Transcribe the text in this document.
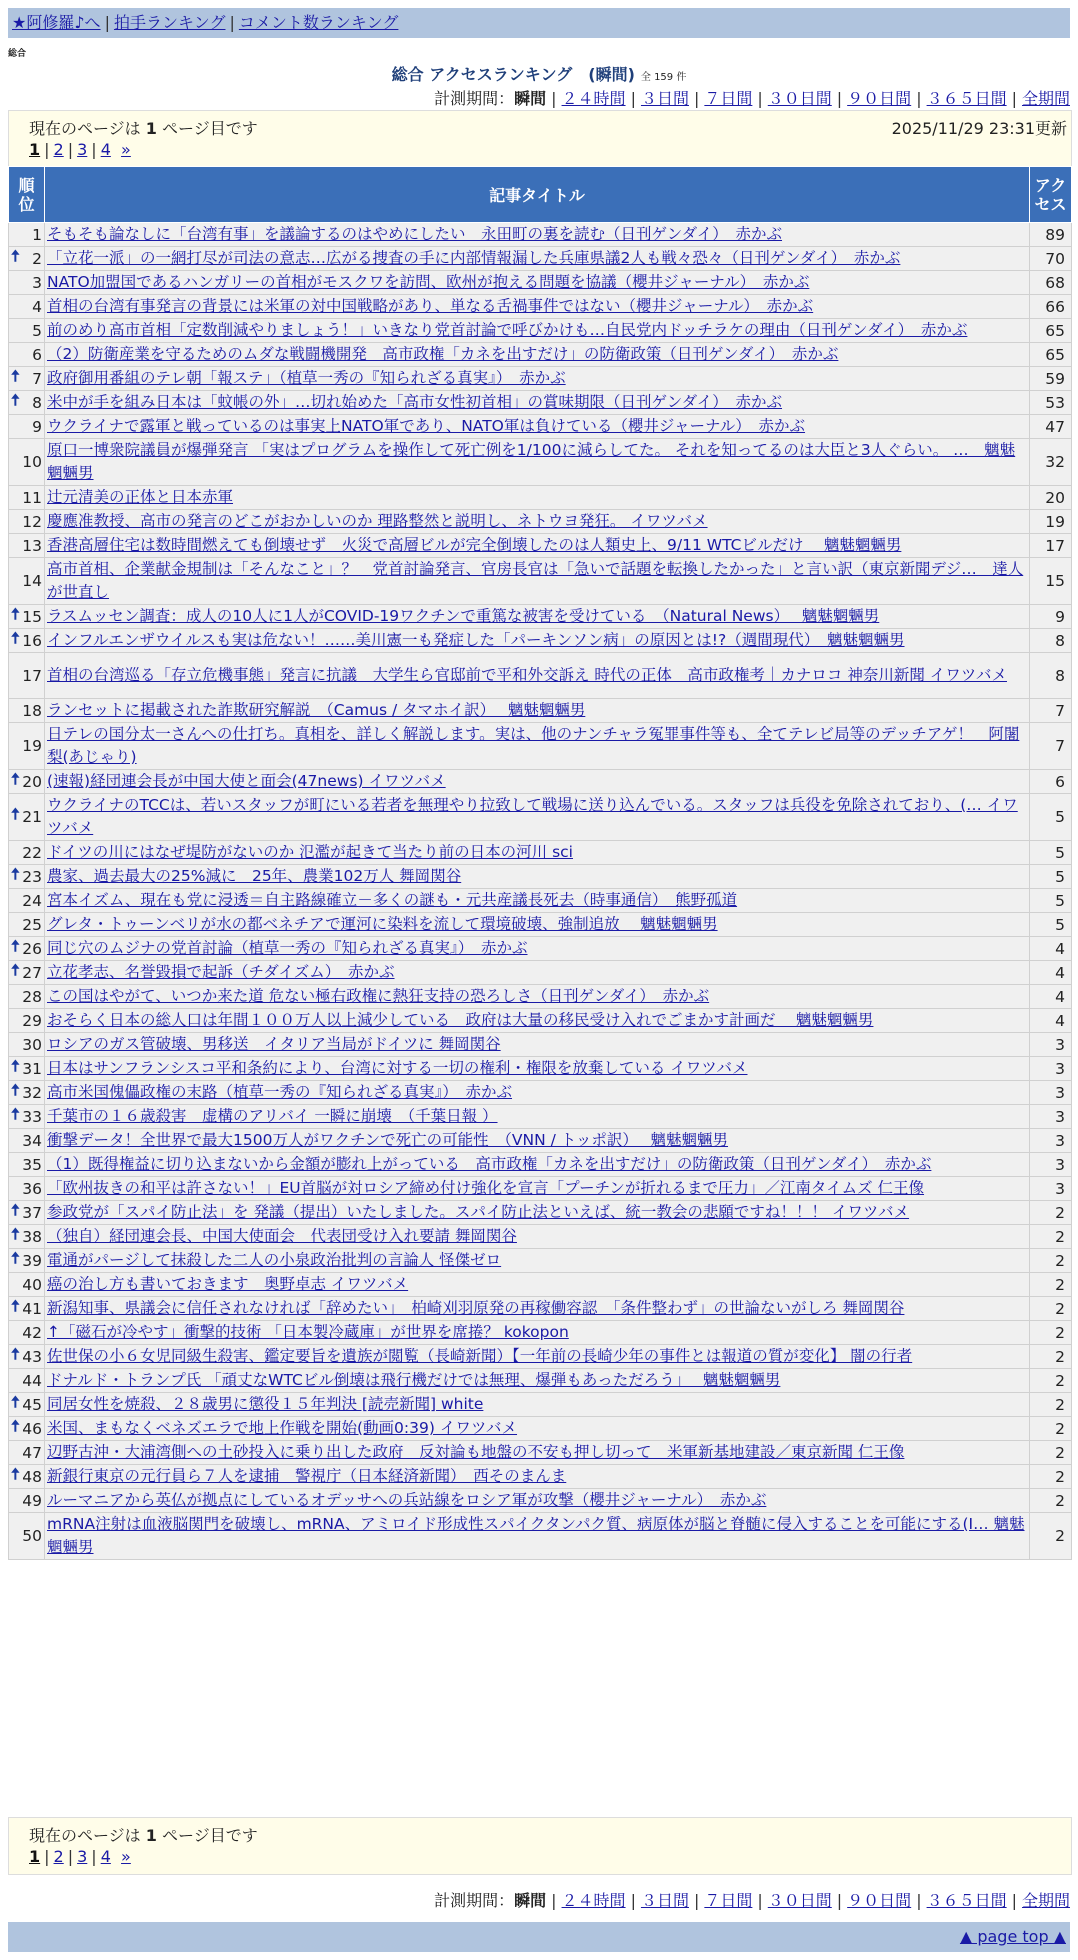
★阿修羅♪へ | 拍手ランキング | コメント数ランキング
総合
総合 アクセスランキング　(瞬間) 全 159 件
計測期間：瞬間 | ２４時間 | ３日間 | ７日間 | ３０日間 | ９０日間 | ３６５日間 | 全期間
現在のページは 1 ページ目です	2025/11/29 23:31更新
1 | 2 | 3 | 4 »
順位	記事タイトル	アクセス
1	そもそも論なしに「台湾有事」を議論するのはやめにしたい　永田町の裏を読む（日刊ゲンダイ）　赤かぶ	89

🠅 2	「立花一派」の一網打尽が司法の意志…広がる捜査の手に内部情報漏した兵庫県議2人も戦々恐々（日刊ゲンダイ）　赤かぶ	70
3	NATO加盟国であるハンガリーの首相がモスクワを訪問、欧州が抱える問題を協議（櫻井ジャーナル）　赤かぶ	68
4	首相の台湾有事発言の背景には米軍の対中国戦略があり、単なる舌禍事件ではない（櫻井ジャーナル）　赤かぶ	66
5	前のめり高市首相「定数削減やりましょう！」いきなり党首討論で呼びかけも…自民党内ドッチラケの理由（日刊ゲンダイ）　赤かぶ	65
6	（2）防衛産業を守るためのムダな戦闘機開発　高市政権「カネを出すだけ」の防衛政策（日刊ゲンダイ）　赤かぶ	65

🠅 7	政府御用番組のテレ朝「報ステ」（植草一秀の『知られざる真実』）　赤かぶ	59

🠅 8	米中が手を組み日本は「蚊帳の外」…切れ始めた「高市女性初首相」の賞味期限（日刊ゲンダイ）　赤かぶ	53
9	ウクライナで露軍と戦っているのは事実上NATO軍であり、NATO軍は負けている（櫻井ジャーナル）　赤かぶ	47
10	原口一博衆院議員が爆弾発言 「実はプログラムを操作して死亡例を1/100に減らしてた。 それを知ってるのは大臣と3人ぐらい。 …　魑魅魍魎男	32
11	辻元清美の正体と日本赤軍	20
12	慶應准教授、高市の発言のどこがおかしいのか 理路整然と説明し、ネトウヨ発狂。 イワツバメ	19
13	香港高層住宅は数時間燃えても倒壊せず　火災で高層ビルが完全倒壊したのは人類史上、9/11 WTCビルだけ　 魑魅魍魎男	17
14	高市首相、企業献金規制は「そんなこと」？　党首討論発言、官房長官は「急いで話題を転換したかった」と言い訳（東京新聞デジ…　達人が世直し	15

🠅 15	ラスムッセン調査：成人の10人に1人がCOVID-19ワクチンで重篤な被害を受けている　（Natural News）　 魑魅魍魎男	9

🠅 16	インフルエンザウイルスも実は危ない！……美川憲一も発症した「パーキンソン病」の原因とは!?（週間現代）　魑魅魍魎男	8
17	首相の台湾巡る「存立危機事態」発言に抗議　大学生ら官邸前で平和外交訴え 時代の正体　高市政権考｜カナロコ 神奈川新聞 イワツバメ	8
18	ランセットに掲載された詐欺研究解説　（Camus / タマホイ訳）　 魑魅魍魎男	7
19	日テレの国分太一さんへの仕打ち。真相を、詳しく解説します。実は、他のナンチャラ冤罪事件等も、全てテレビ局等のデッチアゲ！　阿闍梨(あじゃり)	7

🠅 20	(速報)経団連会長が中国大使と面会(47news) イワツバメ	6

🠅 21	ウクライナのTCCは、若いスタッフが町にいる若者を無理やり拉致して戦場に送り込んでいる。スタッフは兵役を免除されており、(… イワツバメ	5
22	ドイツの川にはなぜ堤防がないのか 氾濫が起きて当たり前の日本の河川 sci	5

🠅 23	農家、過去最大の25%減に　25年、農業102万人 舞岡関谷	5
24	宮本イズム、現在も党に浸透＝自主路線確立－多くの謎も・元共産議長死去（時事通信）　熊野孤道	5
25	グレタ・トゥーンベリが水の都ベネチアで運河に染料を流して環境破壊、強制追放　 魑魅魍魎男	5

🠅 26	同じ穴のムジナの党首討論（植草一秀の『知られざる真実』）　赤かぶ	4

🠅 27	立花孝志、名誉毀損で起訴（チダイズム）　赤かぶ	4
28	この国はやがて、いつか来た道 危ない極右政権に熱狂支持の恐ろしさ（日刊ゲンダイ）　赤かぶ	4
29	おそらく日本の総人口は年間１００万人以上減少している　政府は大量の移民受け入れでごまかす計画だ　 魑魅魍魎男	4
30	ロシアのガス管破壊、男移送　イタリア当局がドイツに 舞岡関谷	3

🠅 31	日本はサンフランシスコ平和条約により、台湾に対する一切の権利・権限を放棄している イワツバメ	3

🠅 32	高市米国傀儡政権の末路（植草一秀の『知られざる真実』）　赤かぶ	3

🠅 33	千葉市の１６歳殺害　虚構のアリバイ 一瞬に崩壊　（千葉日報 ）	3
34	衝撃データ！全世界で最大1500万人がワクチンで死亡の可能性　（VNN / トッポ訳）　 魑魅魍魎男	3
35	（1）既得権益に切り込まないから金額が膨れ上がっている　高市政権「カネを出すだけ」の防衛政策（日刊ゲンダイ）　赤かぶ	3
36	「欧州抜きの和平は許さない！」EU首脳が対ロシア締め付け強化を宣言「プーチンが折れるまで圧力」／江南タイムズ 仁王像	3

🠅 37	参政党が「スパイ防止法」を 発議（提出）いたしました。スパイ防止法といえば、統一教会の悲願ですね！！！ イワツバメ	2

🠅 38	（独自）経団連会長、中国大使面会　代表団受け入れ要請 舞岡関谷	2

🠅 39	電通がパージして抹殺した二人の小泉政治批判の言論人 怪傑ゼロ	2
40	癌の治し方も書いておきます　奥野卓志 イワツバメ	2

🠅 41	新潟知事、県議会に信任されなければ「辞めたい」　柏崎刈羽原発の再稼働容認　「条件整わず」の世論ないがしろ 舞岡関谷	2
42	↑「磁石が冷やす」衝撃的技術 「日本製冷蔵庫」が世界を席捲？ kokopon	2

🠅 43	佐世保の小６女児同級生殺害、鑑定要旨を遺族が閲覧（長崎新聞）【一年前の長崎少年の事件とは報道の質が変化】 闇の行者	2
44	ドナルド・トランプ氏 「頑丈なWTCビル倒壊は飛行機だけでは無理、爆弾もあっただろう」　 魑魅魍魎男	2

🠅 45	同居女性を焼殺、２８歳男に懲役１５年判決 [読売新聞] white	2

🠅 46	米国、まもなくベネズエラで地上作戦を開始(動画0:39) イワツバメ	2
47	辺野古沖・大浦湾側への土砂投入に乗り出した政府　反対論も地盤の不安も押し切って　米軍新基地建設／東京新聞 仁王像	2

🠅 48	新銀行東京の元行員ら７人を逮捕　警視庁（日本経済新聞）　西そのまんま	2
49	ルーマニアから英仏が拠点にしているオデッサへの兵站線をロシア軍が攻撃（櫻井ジャーナル）　赤かぶ	2
50	mRNA注射は血液脳関門を破壊し、mRNA、アミロイド形成性スパイクタンパク質、病原体が脳と脊髄に侵入することを可能にする(I… 魑魅魍魎男	2
現在のページは 1 ページ目です
1 | 2 | 3 | 4 »
計測期間：瞬間 | ２４時間 | ３日間 | ７日間 | ３０日間 | ９０日間 | ３６５日間 | 全期間
▲ page top ▲
